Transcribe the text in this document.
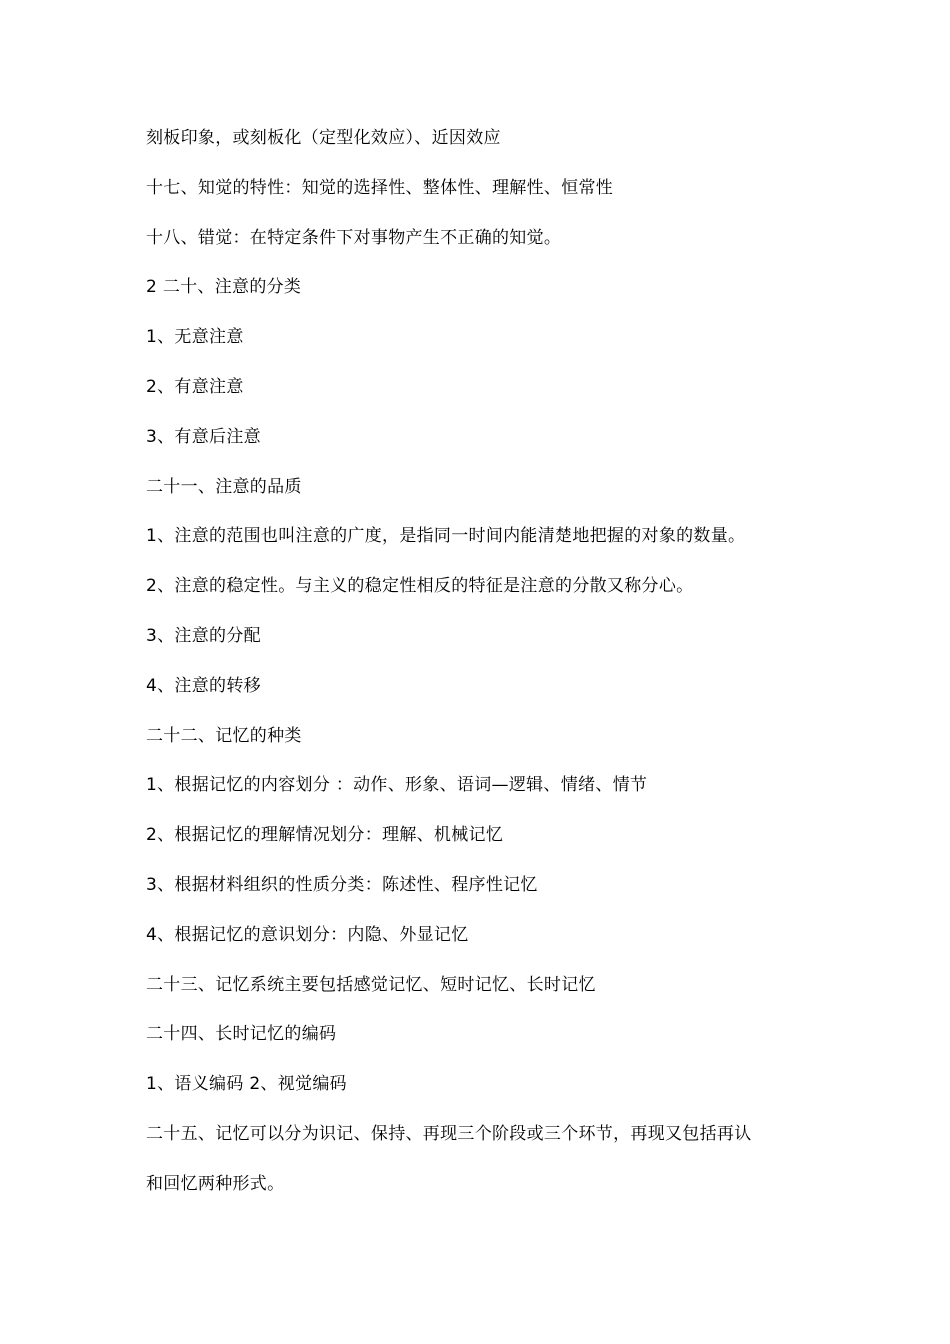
刻板印象，或刻板化（定型化效应）、近因效应
十七、知觉的特性：知觉的选择性、整体性、理解性、恒常性
十八、错觉：在特定条件下对事物产生不正确的知觉。
2 二十、注意的分类
1、无意注意
2、有意注意
3、有意后注意
二十一、注意的品质
1、注意的范围也叫注意的广度，是指同一时间内能清楚地把握的对象的数量。
2、注意的稳定性。与主义的稳定性相反的特征是注意的分散又称分心。
3、注意的分配
4、注意的转移
二十二、记忆的种类
1、根据记忆的内容划分 ：动作、形象、语词—逻辑、情绪、情节
2、根据记忆的理解情况划分：理解、机械记忆
3、根据材料组织的性质分类：陈述性、程序性记忆
4、根据记忆的意识划分：内隐、外显记忆
二十三、记忆系统主要包括感觉记忆、短时记忆、长时记忆
二十四、长时记忆的编码
1、语义编码 2、视觉编码
二十五、记忆可以分为识记、保持、再现三个阶段或三个环节，再现又包括再认
和回忆两种形式。
